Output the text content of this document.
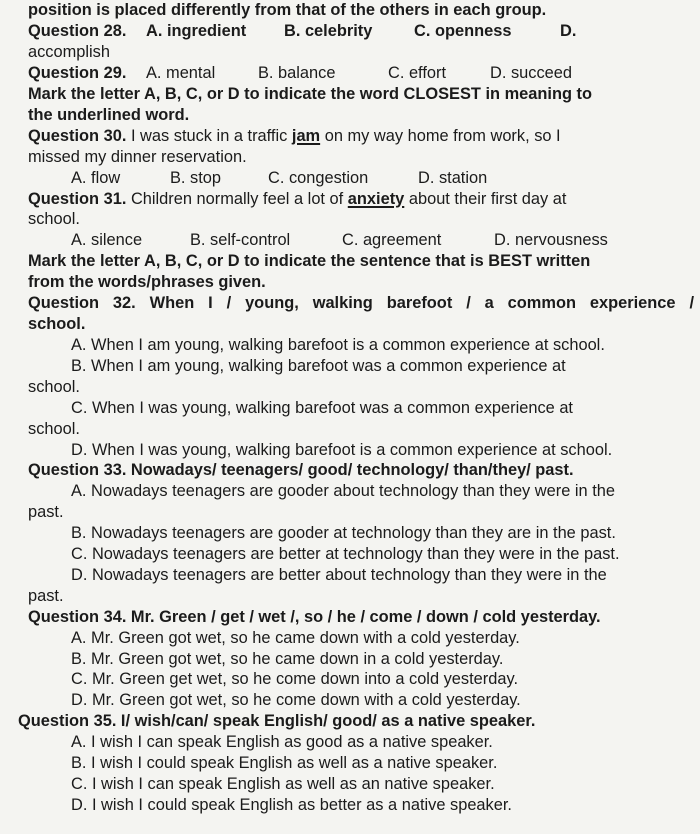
position is placed differently from that of the others in each group.
Question 28. A. ingredient B. celebrity	C. openness	D.
accomplish
Question 29. A. mental	B. balance	C. effort	D. succeed
Mark the letter A, B, C, or D to indicate the word CLOSEST in meaning to
the underlined word.
Question 30. I was stuck in a traffic jam on my way home from work, so I
missed my dinner reservation.
A. flow	B. stop	C. congestion	D. station
Question 31. Children normally feel a lot of anxiety about their first day at
school.
A. silence	B. self-control	C. agreement	D. nervousness
Mark the letter A, B, C, or D to indicate the sentence that is BEST written
from the words/phrases given.
Question 32. When I / young, walking barefoot / a common experience /
school.
A. When I am young, walking barefoot is a common experience at school.
B. When I am young, walking barefoot was a common experience at
school.
C. When I was young, walking barefoot was a common experience at
school.
D. When I was young, walking barefoot is a common experience at school.
Question 33. Nowadays/ teenagers/ good/ technology/ than/they/ past.
A. Nowadays teenagers are gooder about technology than they were in the
past.
B. Nowadays teenagers are gooder at technology than they are in the past.
C. Nowadays teenagers are better at technology than they were in the past.
D. Nowadays teenagers are better about technology than they were in the
past.
Question 34. Mr. Green / get / wet /, so / he / come / down / cold yesterday.
A. Mr. Green got wet, so he came down with a cold yesterday.
B. Mr. Green got wet, so he came down in a cold yesterday.
C. Mr. Green get wet, so he come down into a cold yesterday.
D. Mr. Green got wet, so he come down with a cold yesterday.
Question 35. I/ wish/can/ speak English/ good/ as a native speaker.
A. I wish I can speak English as good as a native speaker.
B. I wish I could speak English as well as a native speaker.
C. I wish I can speak English as well as an native speaker.
D. I wish I could speak English as better as a native speaker.
